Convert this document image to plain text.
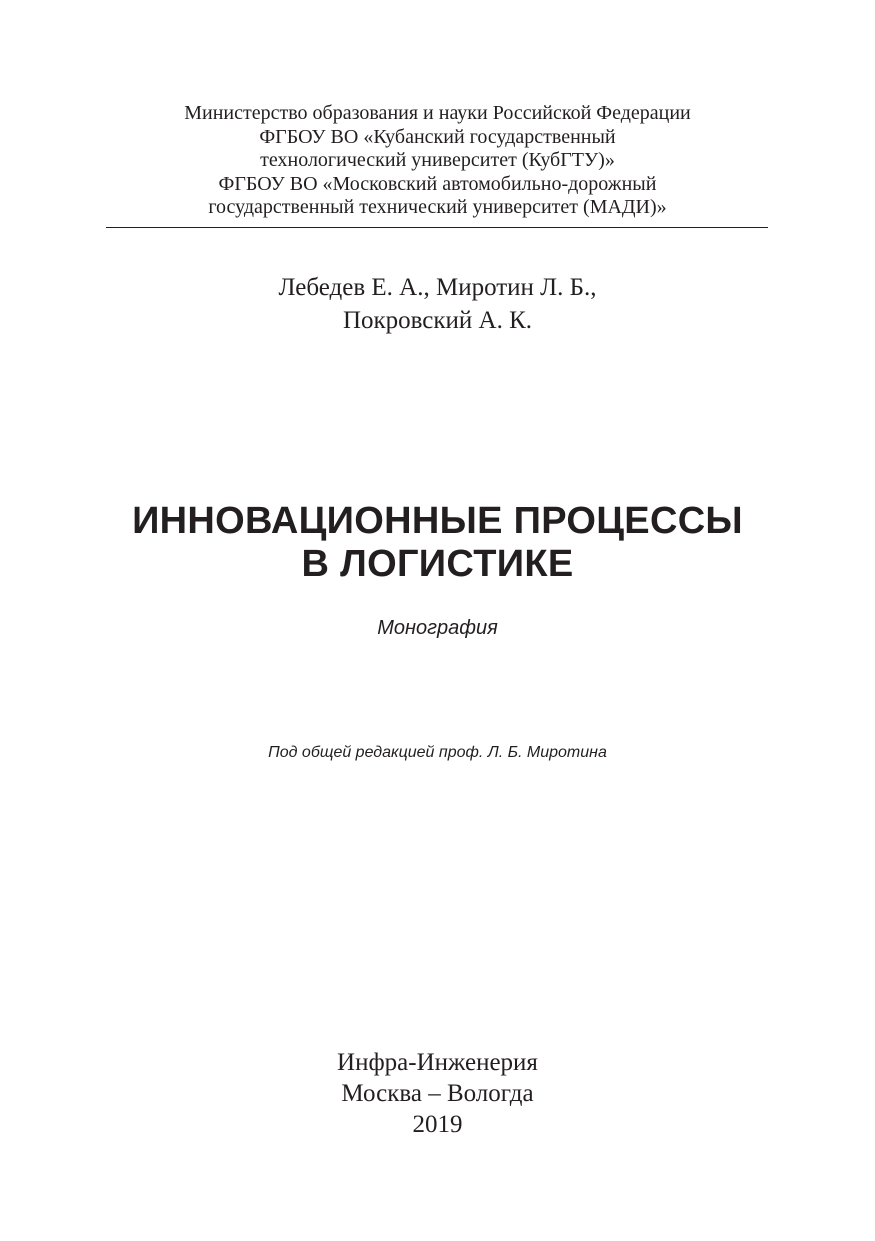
Министерство образования и науки Российской Федерации
ФГБОУ ВО «Кубанский государственный
технологический университет (КубГТУ)»
ФГБОУ ВО «Московский автомобильно-дорожный
государственный технический университет (МАДИ)»
Лебедев Е. А., Миротин Л. Б.,
Покровский А. К.
ИННОВАЦИОННЫЕ ПРОЦЕССЫ
В ЛОГИСТИКЕ
Монография
Под общей редакцией проф. Л. Б. Миротина
Инфра-Инженерия
Москва – Вологда
2019
